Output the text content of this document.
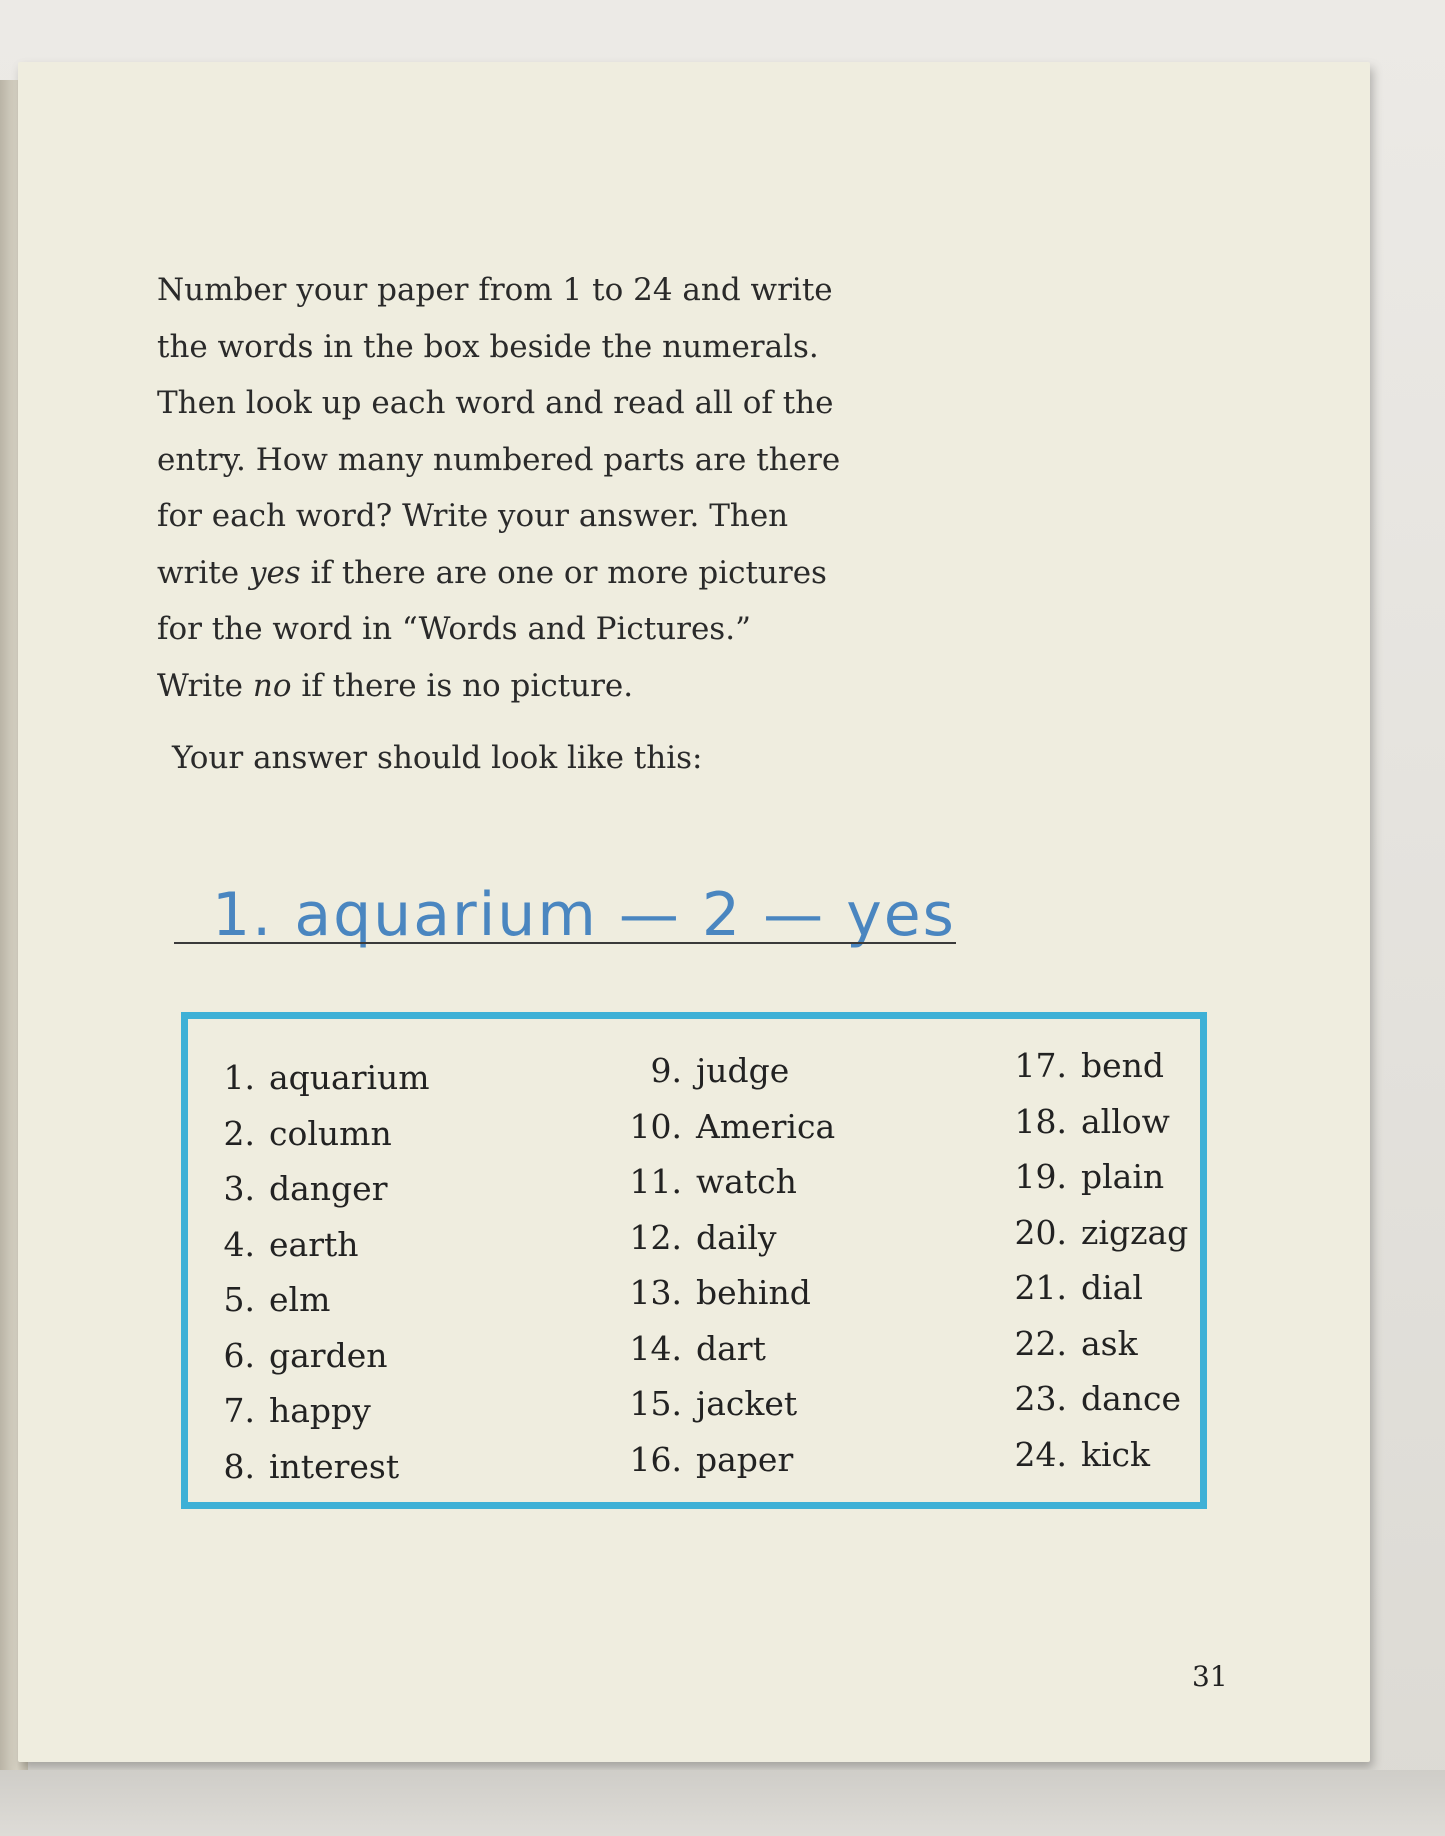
Number your paper from 1 to 24 and write

the words in the box beside the numerals.

Then look up each word and read all of the

entry. How many numbered parts are there

for each word? Write your answer. Then

write yes if there are one or more pictures

for the word in “Words and Pictures.”

Write no if there is no picture.

Your answer should look like this:
1. aquarium — 2 — yes
1. aquarium
2. column
3. danger
4. earth
5. elm
6. garden
7. happy
8. interest
9. judge
10. America
11. watch
12. daily
13. behind
14. dart
15. jacket
16. paper
17. bend
18. allow
19. plain
20. zigzag
21. dial
22. ask
23. dance
24. kick
31
